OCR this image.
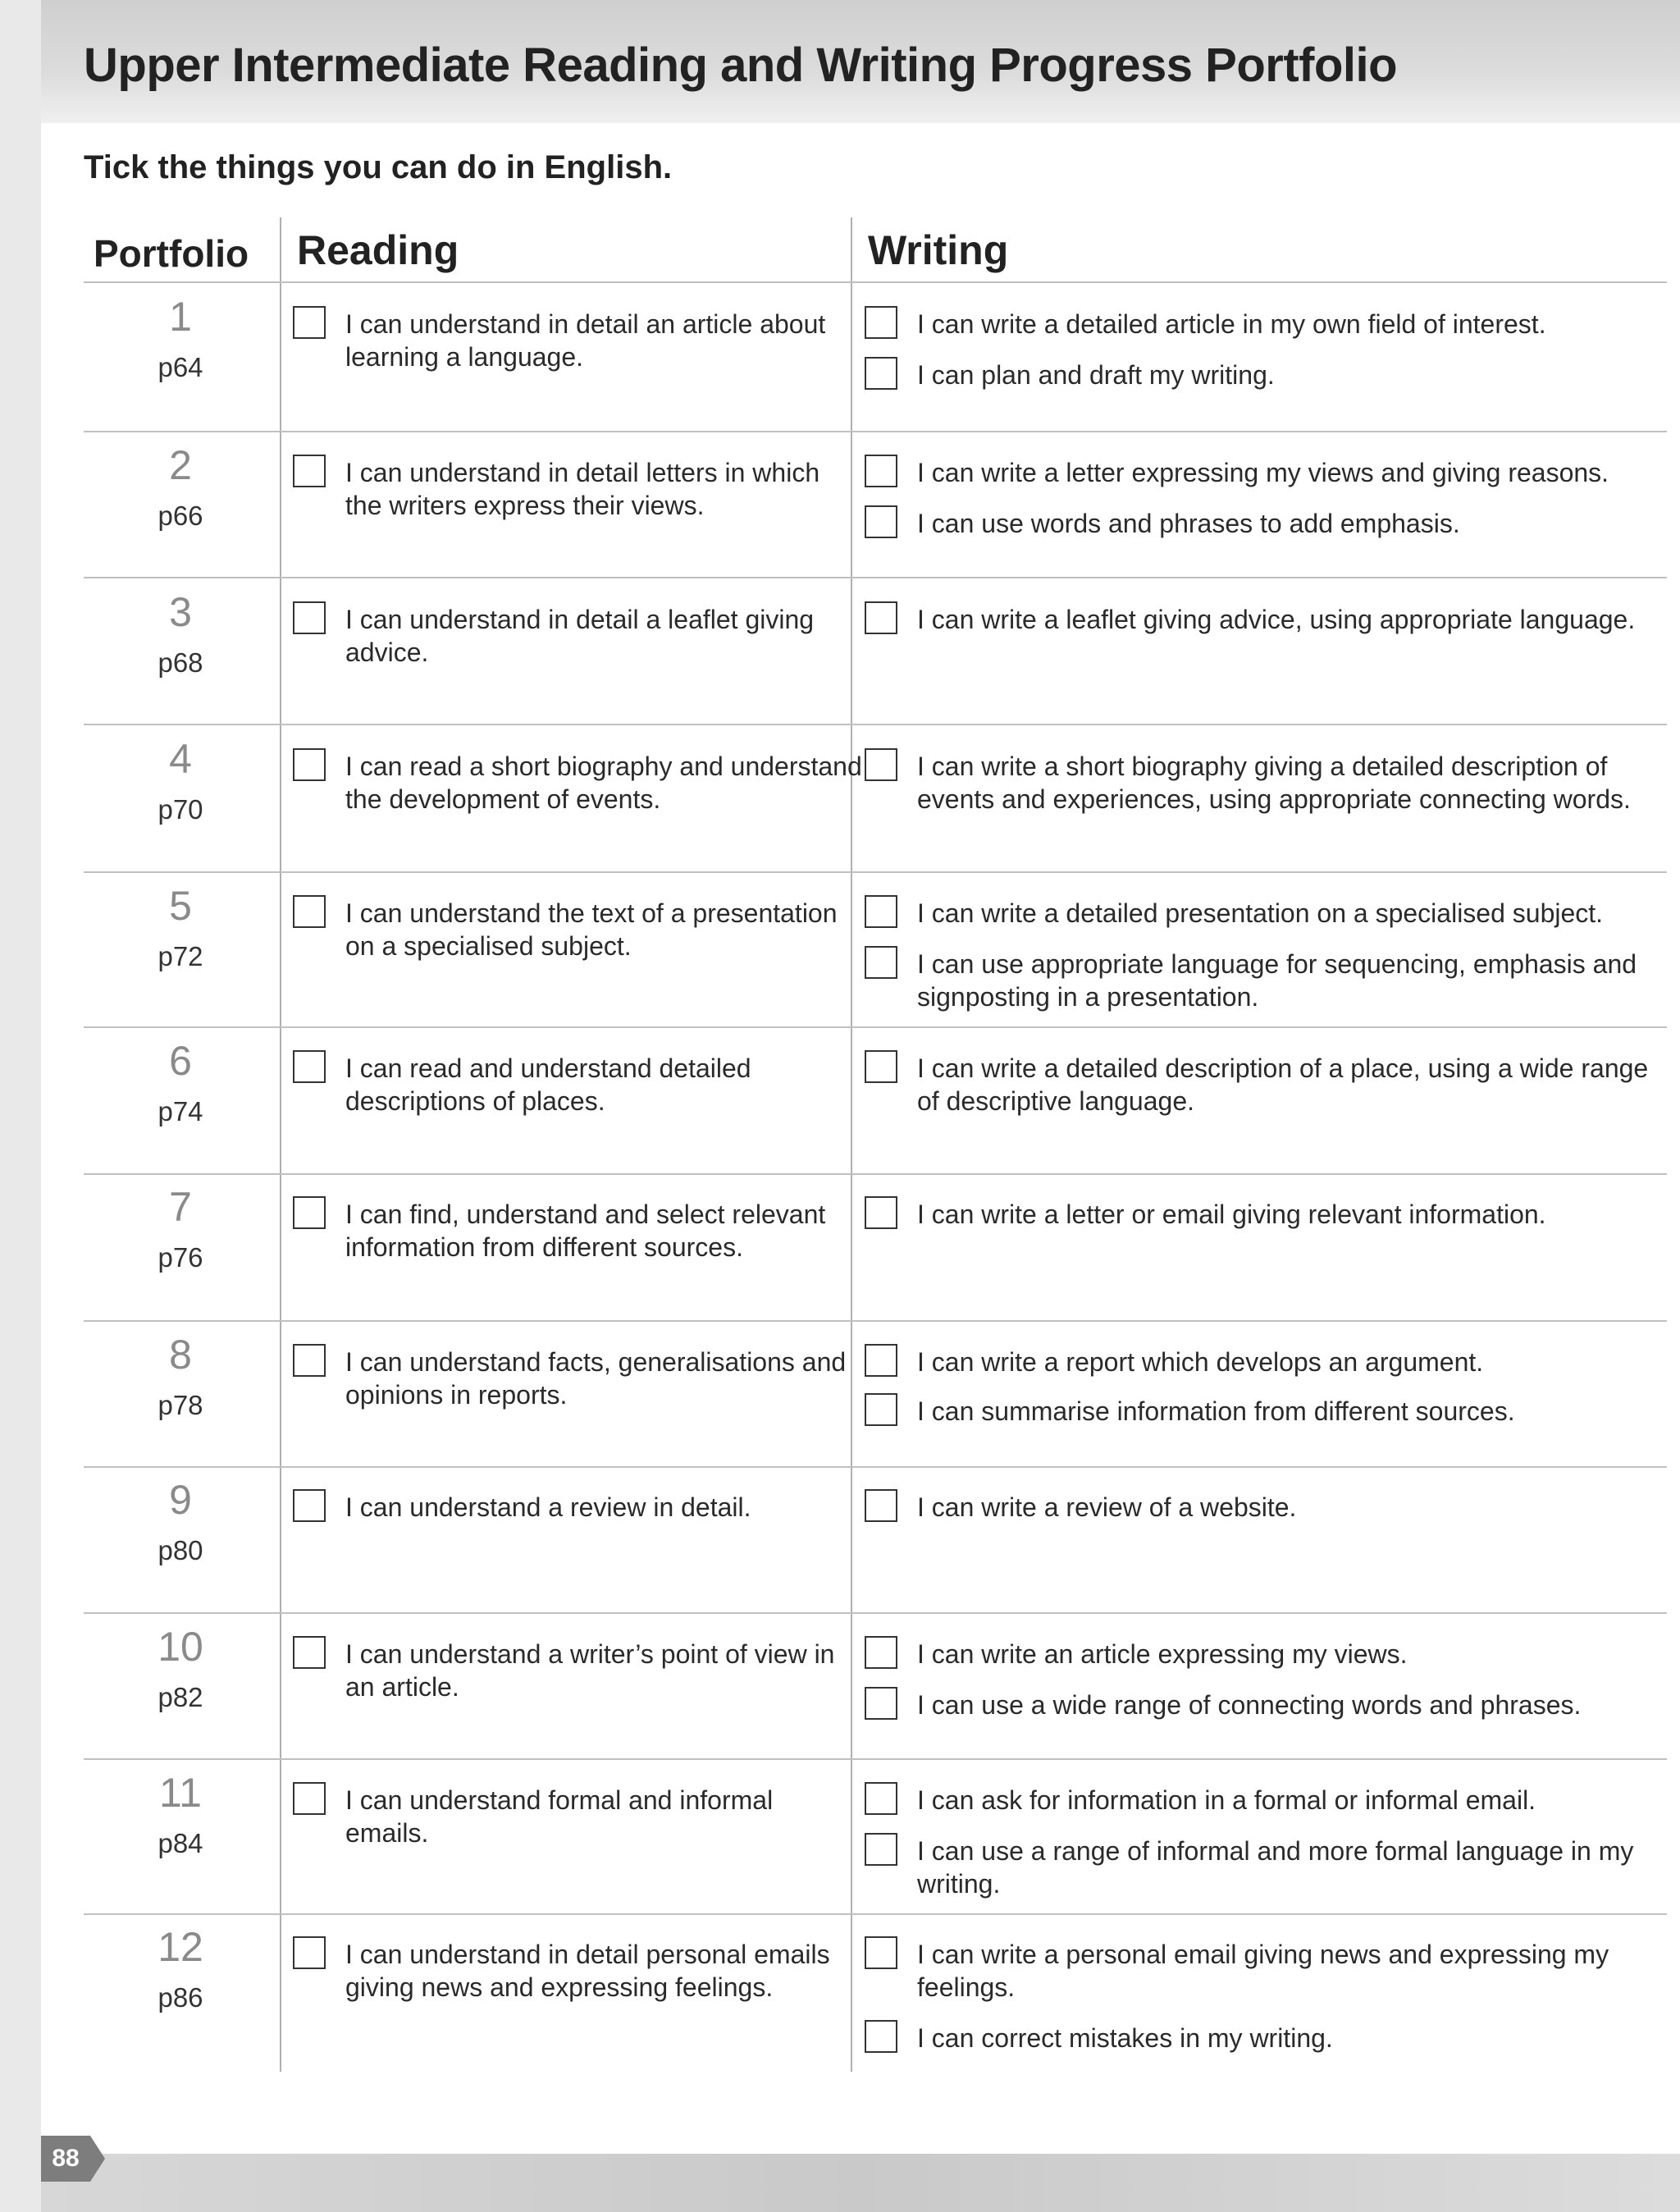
Upper Intermediate Reading and Writing Progress Portfolio
Tick the things you can do in English.
Portfolio Reading	Writing
1
p64
I can understand in detail an article about learning a language.
I can write a detailed article in my own field of interest.
I can plan and draft my writing.
2
p66
I can understand in detail letters in which the writers express their views.
I can write a letter expressing my views and giving reasons.
I can use words and phrases to add emphasis.
3
p68
I can understand in detail a leaflet giving advice.
I can write a leaflet giving advice, using appropriate language.
4
p70
I can read a short biography and understand the development of events.
I can write a short biography giving a detailed description of events and experiences, using appropriate connecting words.
5
p72
I can understand the text of a presentation on a specialised subject.
I can write a detailed presentation on a specialised subject.
I can use appropriate language for sequencing, emphasis and signposting in a presentation.
6
p74
I can read and understand detailed descriptions of places.
I can write a detailed description of a place, using a wide range of descriptive language.
7
p76
I can find, understand and select relevant information from different sources.
I can write a letter or email giving relevant information.
8
p78
I can understand facts, generalisations and opinions in reports.
I can write a report which develops an argument.
I can summarise information from different sources.
9
p80
I can understand a review in detail.	I can write a review of a website.
10
p82
I can understand a writer’s point of view in an article.
I can write an article expressing my views.
I can use a wide range of connecting words and phrases.
11
p84
I can understand formal and informal emails.
I can ask for information in a formal or informal email.
I can use a range of informal and more formal language in my writing.
12
p86
I can understand in detail personal emails giving news and expressing feelings.
I can write a personal email giving news and expressing my feelings.
I can correct mistakes in my writing.
88
